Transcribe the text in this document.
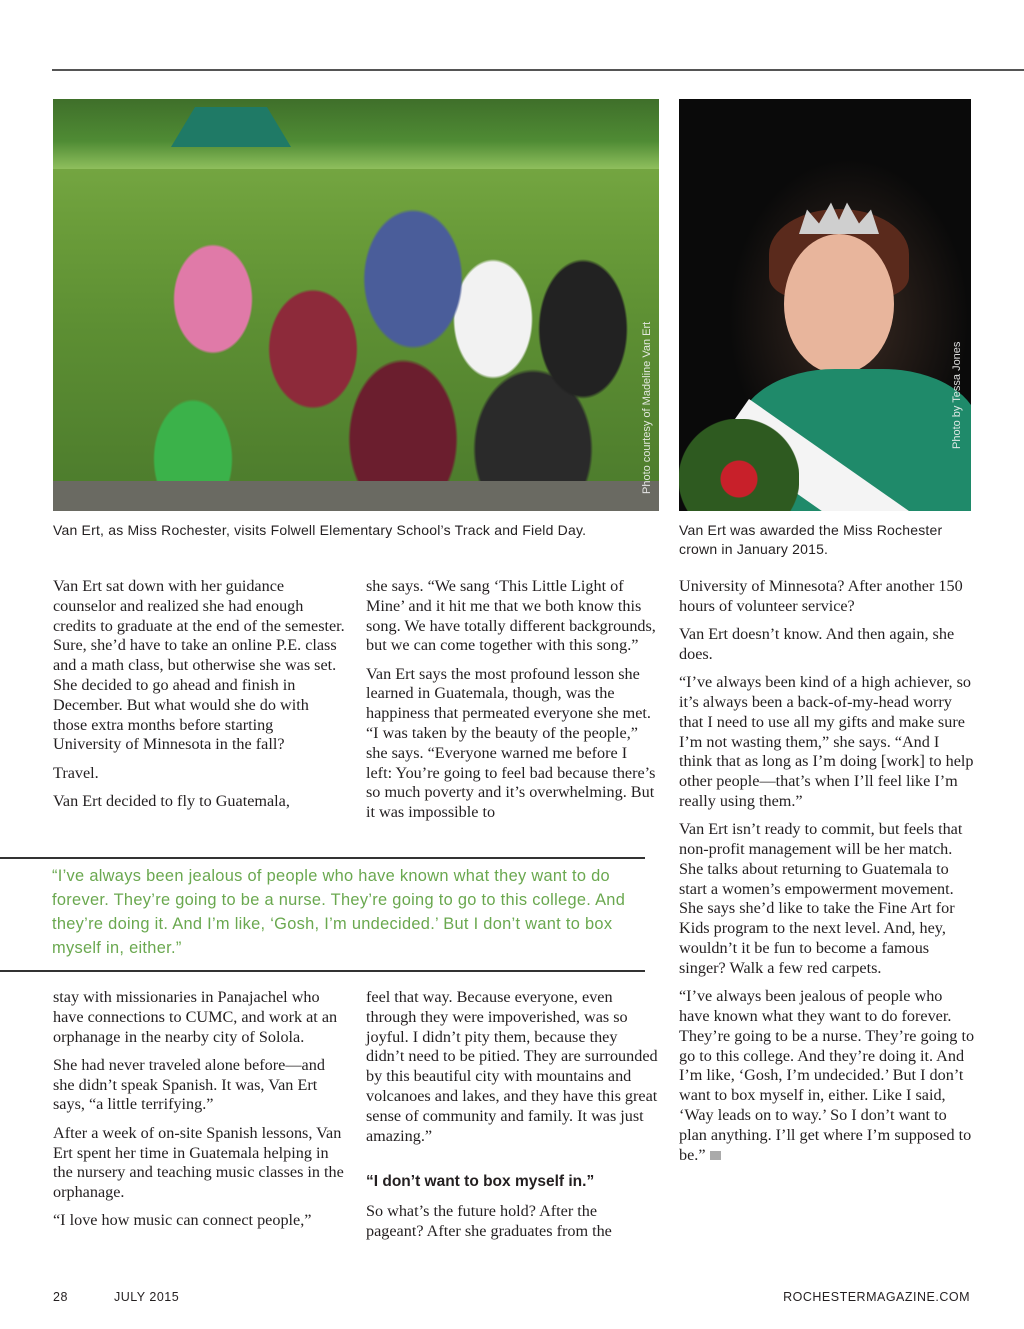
Photo courtesy of Madeline Van Ert	Photo by Tessa Jones
Van Ert, as Miss Rochester, visits Folwell Elementary School’s Track and Field Day.	Van Ert was awarded the Miss Rochester
crown in January 2015.

Van Ert sat down with her guidance counselor and realized she had enough credits to graduate at the end of the semester. Sure, she’d have to take an online P.E. class and a math class, but otherwise she was set. She decided to go ahead and finish in December. But what would she do with those extra months before starting University of Minnesota in the fall?

Travel.

Van Ert decided to fly to Guatemala,

she says. “We sang ‘This Little Light of Mine’ and it hit me that we both know this song. We have totally different backgrounds, but we can come together with this song.”

Van Ert says the most profound lesson she learned in Guatemala, though, was the happiness that permeated everyone she met. “I was taken by the beauty of the people,” she says. “Everyone warned me before I left: You’re going to feel bad because there’s so much poverty and it’s overwhelming. But it was impossible to

“I’ve always been jealous of people who have known what they want to do forever. They’re going to be a nurse. They’re going to go to this college. And they’re doing it. And I’m like, ‘Gosh, I’m undecided.’ But I don’t want to box myself in, either.”

stay with missionaries in Panajachel who have connections to CUMC, and work at an orphanage in the nearby city of Solola.

She had never traveled alone before—and she didn’t speak Spanish. It was, Van Ert says, “a little terrifying.”

After a week of on-site Spanish lessons, Van Ert spent her time in Guatemala helping in the nursery and teaching music classes in the orphanage.

“I love how music can connect people,”

feel that way. Because everyone, even through they were impoverished, was so joyful. I didn’t pity them, because they didn’t need to be pitied. They are surrounded by this beautiful city with mountains and volcanoes and lakes, and they have this great sense of community and family. It was just amazing.”

“I don’t want to box myself in.”

So what’s the future hold? After the pageant? After she graduates from the

University of Minnesota? After another 150 hours of volunteer service?

Van Ert doesn’t know. And then again, she does.

“I’ve always been kind of a high achiever, so it’s always been a back-of-my-head worry that I need to use all my gifts and make sure I’m not wasting them,” she says. “And I think that as long as I’m doing [work] to help other people—that’s when I’ll feel like I’m really using them.”

Van Ert isn’t ready to commit, but feels that non-profit management will be her match. She talks about returning to Guatemala to start a women’s empowerment movement. She says she’d like to take the Fine Art for Kids program to the next level. And, hey, wouldn’t it be fun to become a famous singer? Walk a few red carpets.

“I’ve always been jealous of people who have known what they want to do forever. They’re going to be a nurse. They’re going to go to this college. And they’re doing it. And I’m like, ‘Gosh, I’m undecided.’ But I don’t want to box myself in, either. Like I said, ‘Way leads on to way.’ So I don’t want to plan anything. I’ll get where I’m supposed to be.”

28	JULY 2015	ROCHESTERMAGAZINE.COM
